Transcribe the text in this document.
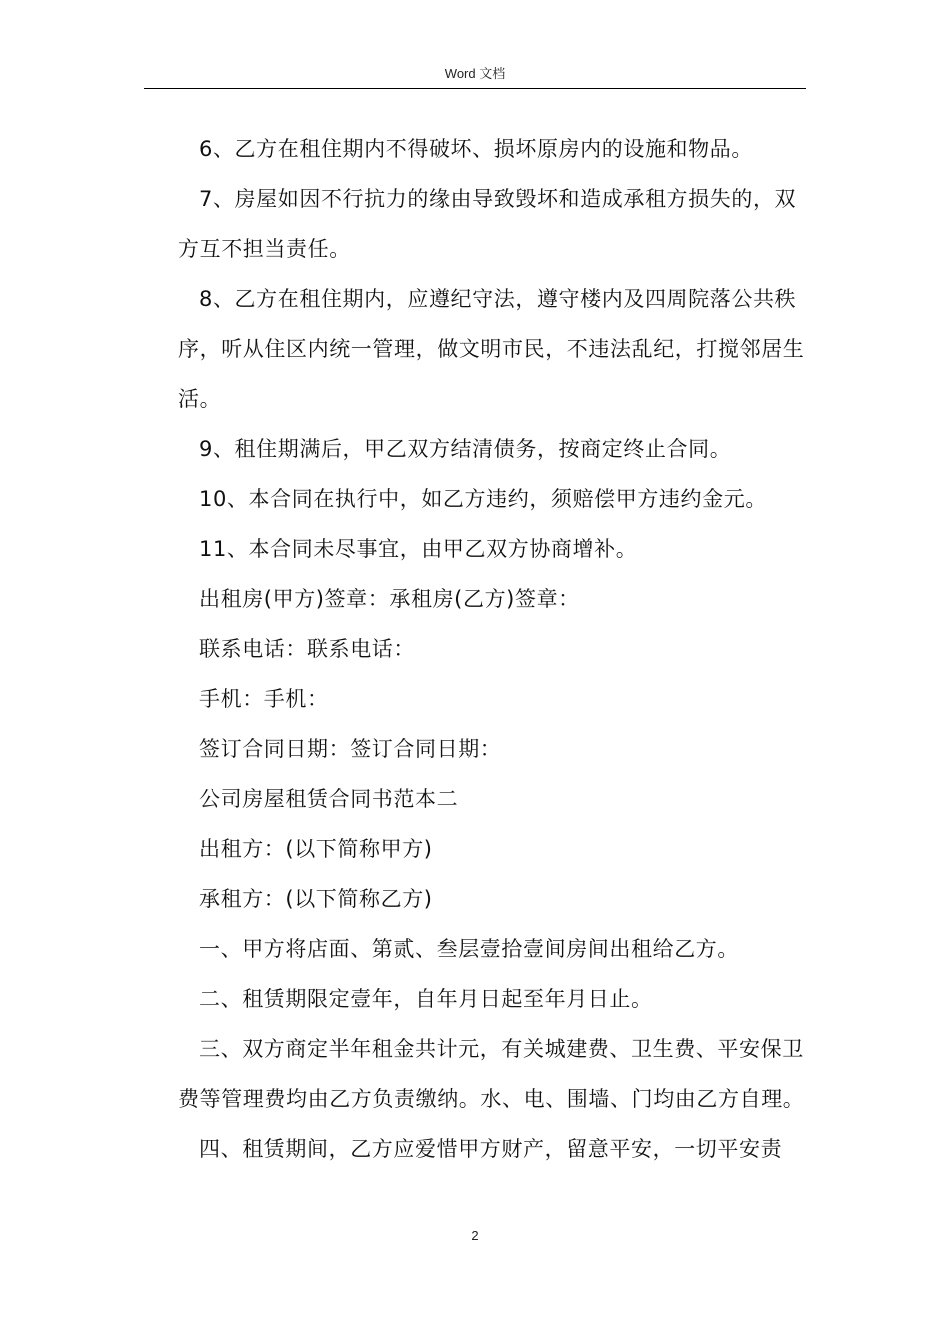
Word 文档

6、乙方在租住期内不得破坏、损坏原房内的设施和物品。

7、房屋如因不行抗力的缘由导致毁坏和造成承租方损失的，双方互不担当责任。

8、乙方在租住期内，应遵纪守法，遵守楼内及四周院落公共秩序，听从住区内统一管理，做文明市民，不违法乱纪，打搅邻居生活。

9、租住期满后，甲乙双方结清债务，按商定终止合同。

10、本合同在执行中，如乙方违约，须赔偿甲方违约金元。

11、本合同未尽事宜，由甲乙双方协商增补。

出租房(甲方)签章：承租房(乙方)签章：

联系电话：联系电话：

手机：手机：

签订合同日期：签订合同日期：

公司房屋租赁合同书范本二

出租方：(以下简称甲方)

承租方：(以下简称乙方)

一、甲方将店面、第贰、叁层壹拾壹间房间出租给乙方。

二、租赁期限定壹年，自年月日起至年月日止。

三、双方商定半年租金共计元，有关城建费、卫生费、平安保卫费等管理费均由乙方负责缴纳。水、电、围墙、门均由乙方自理。

四、租赁期间，乙方应爱惜甲方财产，留意平安，一切平安责

2
